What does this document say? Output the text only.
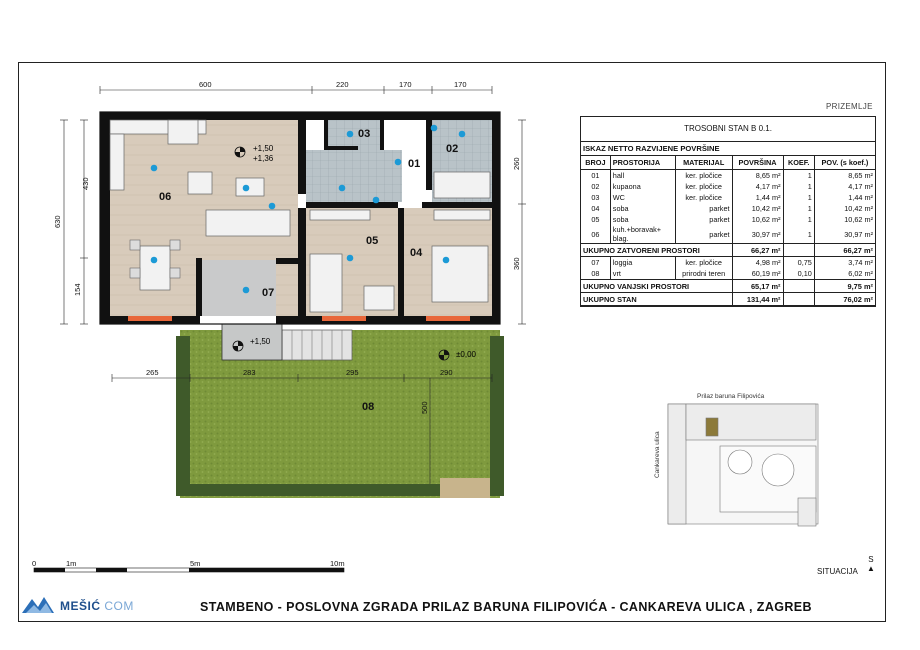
+1,50
+1,36
+1,50
±0,00
01
02
03
04
05
06
07
08
600	220	170	170
430
630
154
260
360
265	283	295	290
500
0	1m	5m	10m
PRIZEMLJE
TROSOBNI STAN B 0.1.
ISKAZ NETTO RAZVIJENE POVRŠINE
BROJ	PROSTORIJA	MATERIJAL	POVRŠINA	KOEF.	POV. (s koef.)
01	hall	ker. pločice	8,65 m²	1	8,65 m²
02	kupaona	ker. pločice	4,17 m²	1	4,17 m²
03	WC	ker. pločice	1,44 m²	1	1,44 m²
04	soba	parket	10,42 m²	1	10,42 m²
05	soba	parket	10,62 m²	1	10,62 m²
06	kuh.+boravak+ blag.	parket	30,97 m²	1	30,97 m²
UKUPNO ZATVORENI PROSTORI			66,27 m²		66,27 m²
07	loggia	ker. pločice	4,98 m²	0,75	3,74 m²
08	vrt	prirodni teren	60,19 m²	0,10	6,02 m²
UKUPNO VANJSKI PROSTORI			65,17 m²		9,75 m²
UKUPNO STAN			131,44 m²		76,02 m²
Prilaz baruna Filipovića
Cankareva ulica
SITUACIJA
S
▲
MEŠIĆ COM	STAMBENO - POSLOVNA ZGRADA PRILAZ BARUNA FILIPOVIĆA - CANKAREVA ULICA , ZAGREB
